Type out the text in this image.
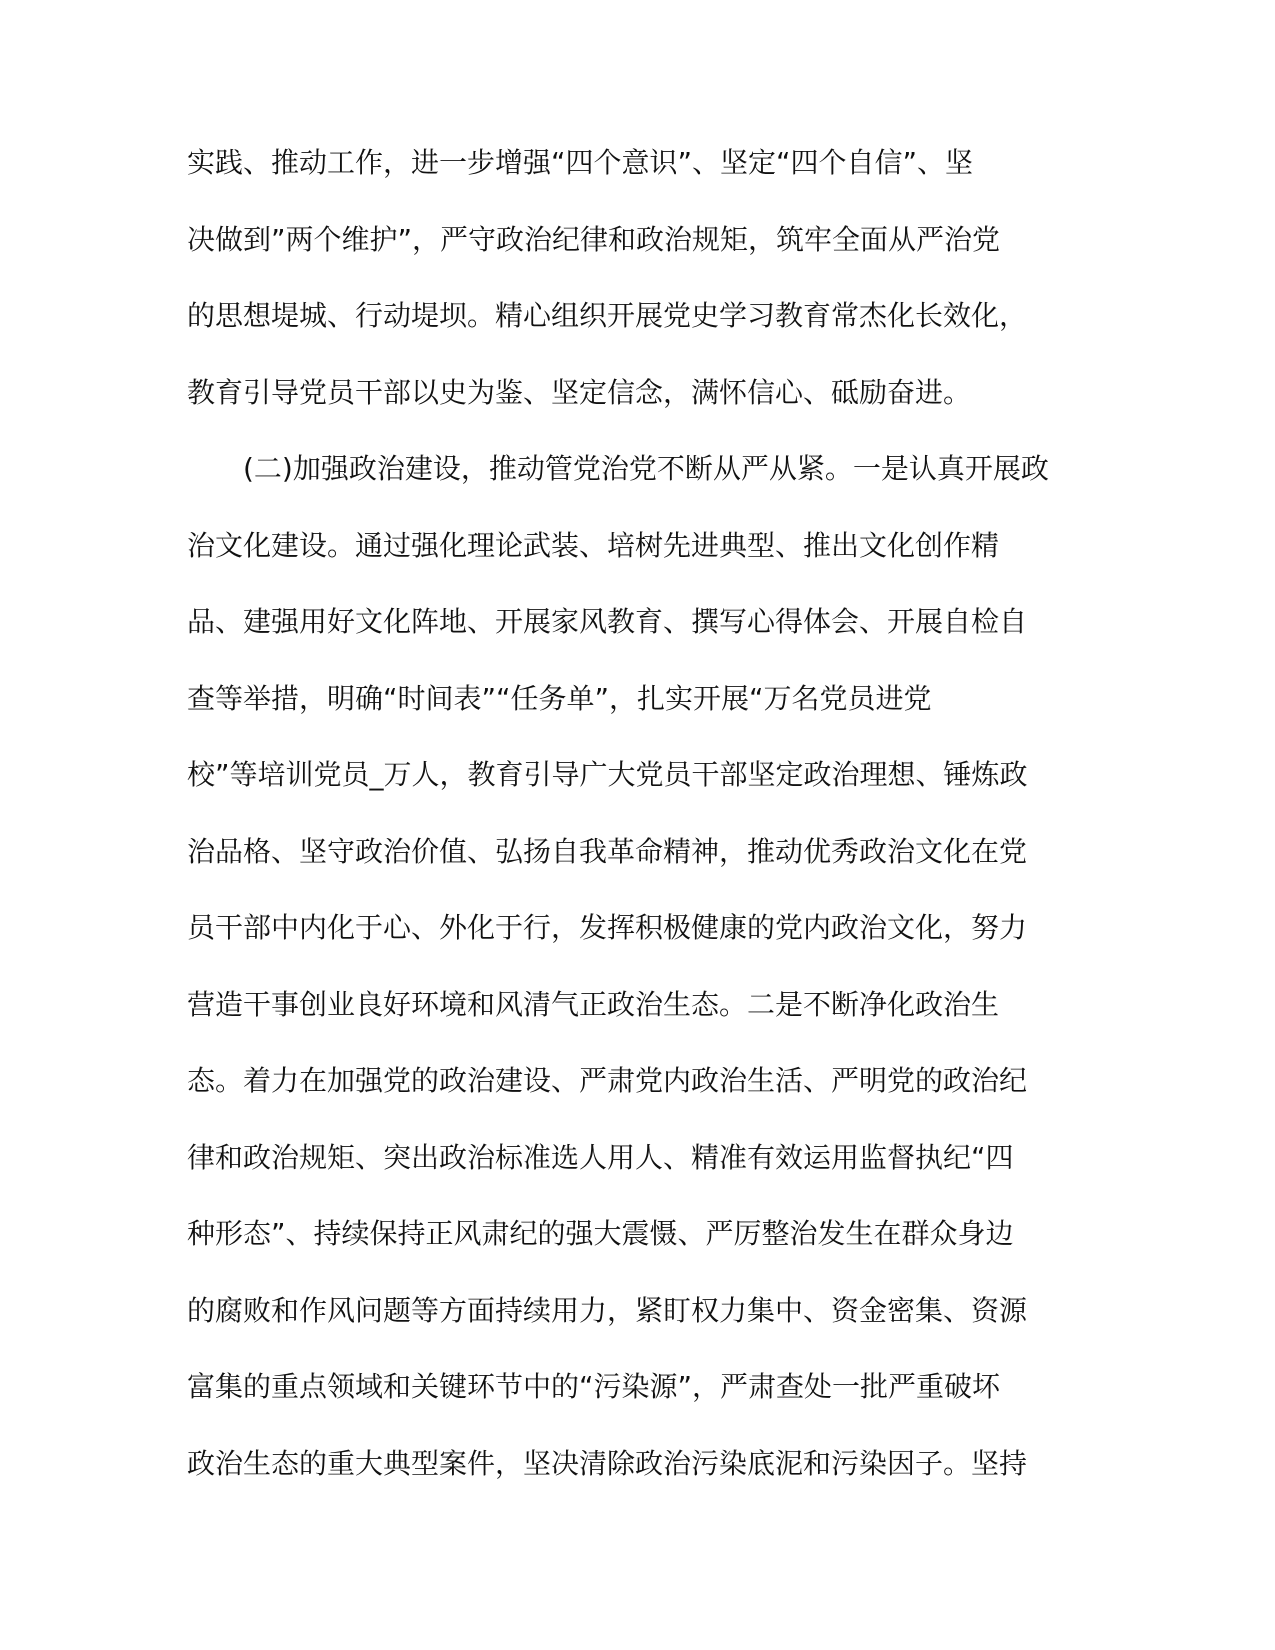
实践、推动工作，进一步增强“四个意识”、坚定“四个自信”、坚
决做到”两个维护”，严守政治纪律和政治规矩，筑牢全面从严治党
的思想堤城、行动堤坝。精心组织开展党史学习教育常杰化长效化，
教育引导党员干部以史为鉴、坚定信念，满怀信心、砥励奋进。
　　(二)加强政治建设，推动管党治党不断从严从紧。一是认真开展政
治文化建设。通过强化理论武装、培树先进典型、推出文化创作精
品、建强用好文化阵地、开展家风教育、撰写心得体会、开展自检自
查等举措，明确“时间表”“任务单”，扎实开展“万名党员进党
校”等培训党员_万人，教育引导广大党员干部坚定政治理想、锤炼政
治品格、坚守政治价值、弘扬自我革命精神，推动优秀政治文化在党
员干部中内化于心、外化于行，发挥积极健康的党内政治文化，努力
营造干事创业良好环境和风清气正政治生态。二是不断净化政治生
态。着力在加强党的政治建设、严肃党内政治生活、严明党的政治纪
律和政治规矩、突出政治标准选人用人、精准有效运用监督执纪“四
种形态”、持续保持正风肃纪的强大震慑、严厉整治发生在群众身边
的腐败和作风问题等方面持续用力，紧盯权力集中、资金密集、资源
富集的重点领域和关键环节中的“污染源”，严肃查处一批严重破坏
政治生态的重大典型案件，坚决清除政治污染底泥和污染因子。坚持
